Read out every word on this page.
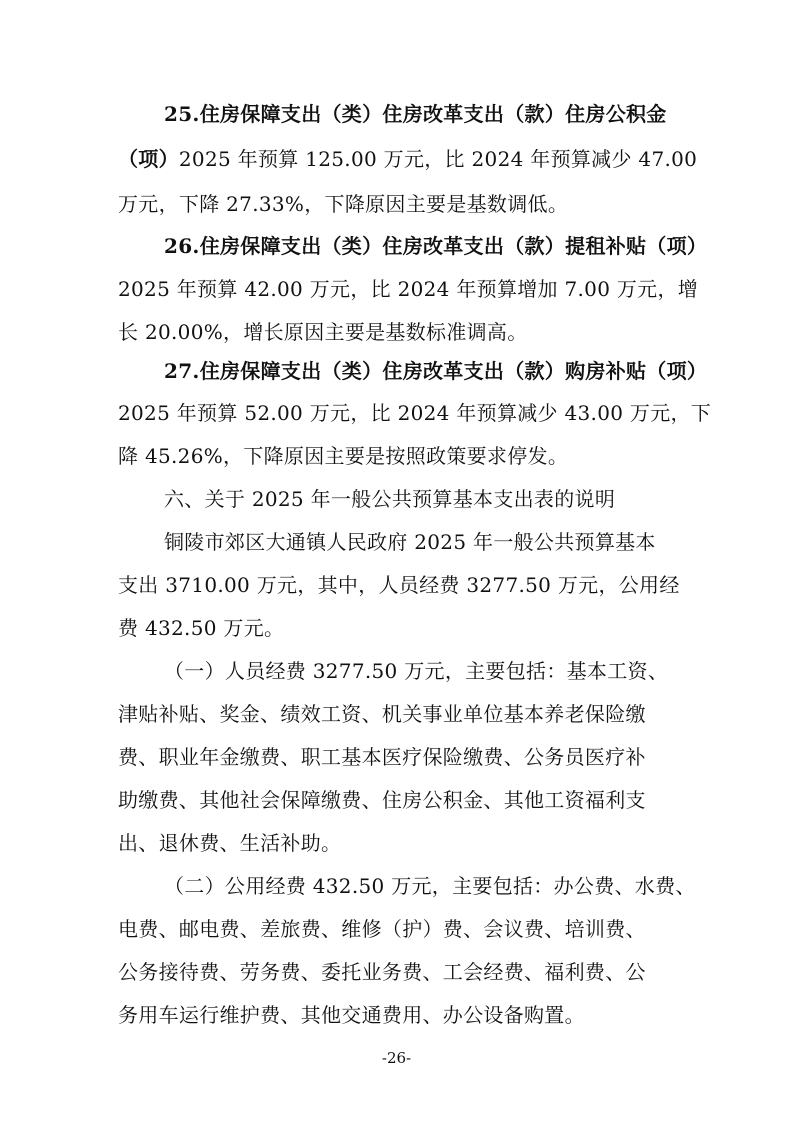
25.住房保障支出（类）住房改革支出（款）住房公积金
（项）2025 年预算 125.00 万元，比 2024 年预算减少 47.00
万元，下降 27.33%，下降原因主要是基数调低。
26.住房保障支出（类）住房改革支出（款）提租补贴（项）
2025 年预算 42.00 万元，比 2024 年预算增加 7.00 万元，增
长 20.00%，增长原因主要是基数标准调高。
27.住房保障支出（类）住房改革支出（款）购房补贴（项）
2025 年预算 52.00 万元，比 2024 年预算减少 43.00 万元，下
降 45.26%，下降原因主要是按照政策要求停发。
六、关于 2025 年一般公共预算基本支出表的说明
铜陵市郊区大通镇人民政府 2025 年一般公共预算基本
支出 3710.00 万元，其中，人员经费 3277.50 万元，公用经
费 432.50 万元。
（一）人员经费 3277.50 万元，主要包括：基本工资、
津贴补贴、奖金、绩效工资、机关事业单位基本养老保险缴
费、职业年金缴费、职工基本医疗保险缴费、公务员医疗补
助缴费、其他社会保障缴费、住房公积金、其他工资福利支
出、退休费、生活补助。
（二）公用经费 432.50 万元，主要包括：办公费、水费、
电费、邮电费、差旅费、维修（护）费、会议费、培训费、
公务接待费、劳务费、委托业务费、工会经费、福利费、公
务用车运行维护费、其他交通费用、办公设备购置。
-26-
